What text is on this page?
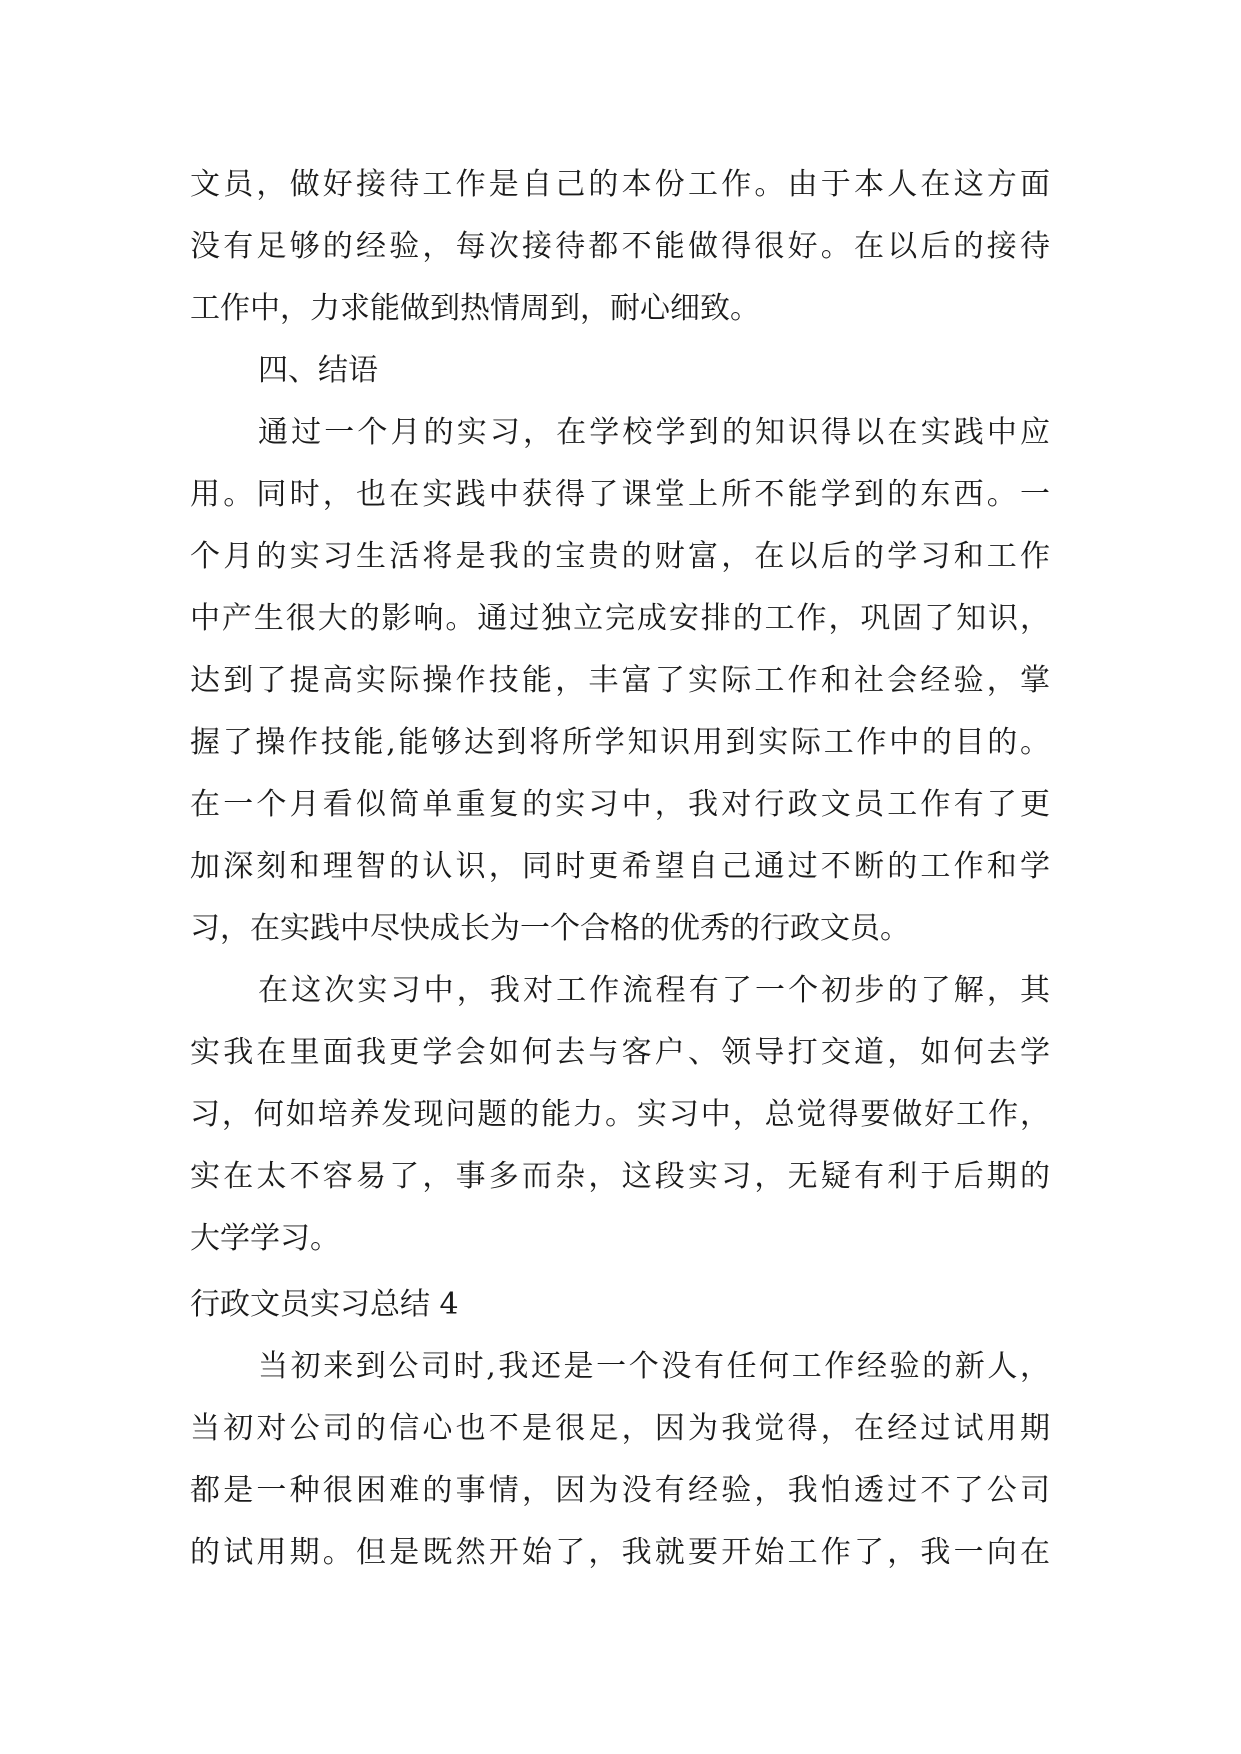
文员，做好接待工作是自己的本份工作。由于本人在这方面
没有足够的经验，每次接待都不能做得很好。在以后的接待
工作中，力求能做到热情周到，耐心细致。
四、结语
通过一个月的实习，在学校学到的知识得以在实践中应
用。同时，也在实践中获得了课堂上所不能学到的东西。一
个月的实习生活将是我的宝贵的财富，在以后的学习和工作
中产生很大的影响。通过独立完成安排的工作，巩固了知识，
达到了提高实际操作技能，丰富了实际工作和社会经验，掌
握了操作技能,能够达到将所学知识用到实际工作中的目的。
在一个月看似简单重复的实习中，我对行政文员工作有了更
加深刻和理智的认识，同时更希望自己通过不断的工作和学
习，在实践中尽快成长为一个合格的优秀的行政文员。
在这次实习中，我对工作流程有了一个初步的了解，其
实我在里面我更学会如何去与客户、领导打交道，如何去学
习，何如培养发现问题的能力。实习中，总觉得要做好工作，
实在太不容易了，事多而杂，这段实习，无疑有利于后期的
大学学习。
行政文员实习总结 4
当初来到公司时,我还是一个没有任何工作经验的新人，
当初对公司的信心也不是很足，因为我觉得，在经过试用期
都是一种很困难的事情，因为没有经验，我怕透过不了公司
的试用期。但是既然开始了，我就要开始工作了，我一向在
